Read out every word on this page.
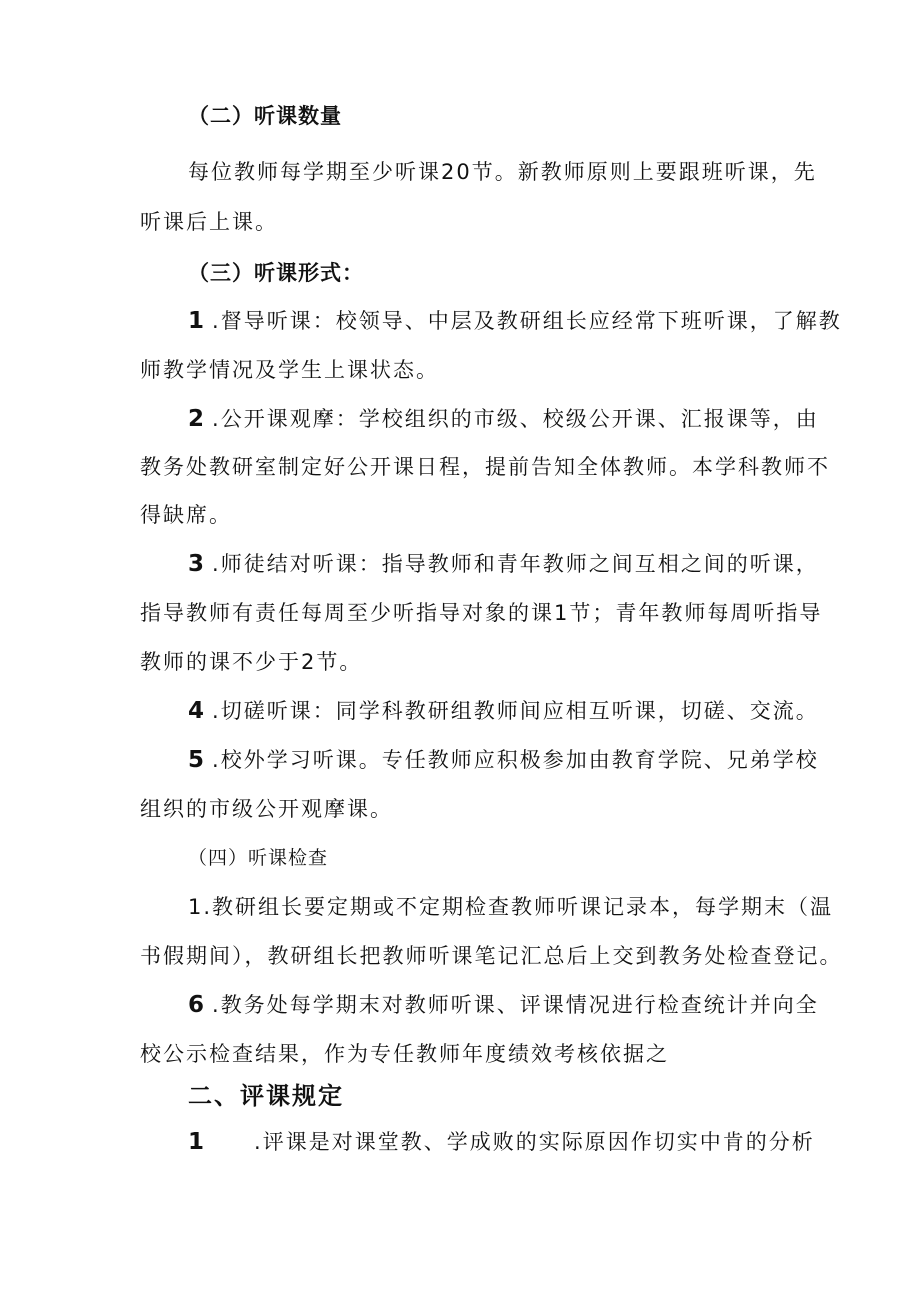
（二）听课数量
每位教师每学期至少听课20节。新教师原则上要跟班听课，先
听课后上课。
（三）听课形式：
1 .督导听课：校领导、中层及教研组长应经常下班听课，了解教
师教学情况及学生上课状态。
2 .公开课观摩：学校组织的市级、校级公开课、汇报课等，由
教务处教研室制定好公开课日程，提前告知全体教师。本学科教师不
得缺席。
3 .师徒结对听课：指导教师和青年教师之间互相之间的听课，
指导教师有责任每周至少听指导对象的课1节；青年教师每周听指导
教师的课不少于2节。
4 .切磋听课：同学科教研组教师间应相互听课，切磋、交流。
5 .校外学习听课。专任教师应积极参加由教育学院、兄弟学校
组织的市级公开观摩课。
（四）听课检查
1.教研组长要定期或不定期检查教师听课记录本，每学期末（温
书假期间），教研组长把教师听课笔记汇总后上交到教务处检查登记。
6 .教务处每学期末对教师听课、评课情况进行检查统计并向全
校公示检查结果，作为专任教师年度绩效考核依据之
二、评课规定
1 .评课是对课堂教、学成败的实际原因作切实中肯的分析
